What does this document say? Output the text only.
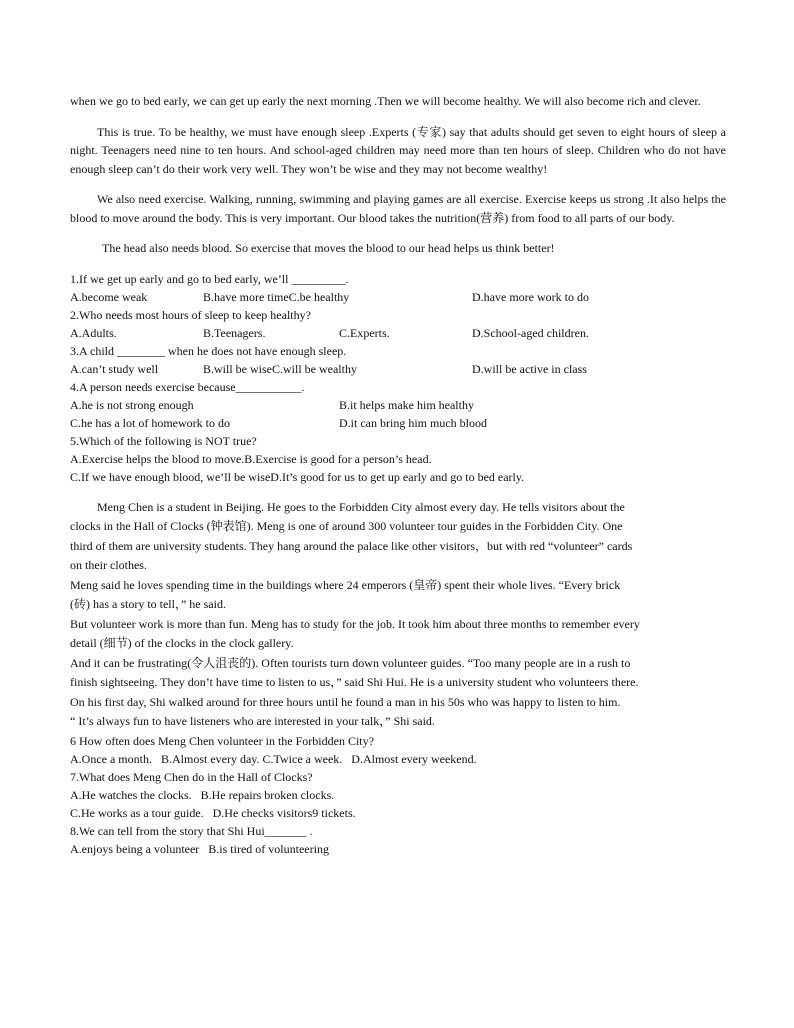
when we go to bed early, we can get up early the next morning .Then we will become healthy. We will also become rich and clever.

This is true. To be healthy, we must have enough sleep .Experts (专家) say that adults should get seven to eight hours of sleep a night. Teenagers need nine to ten hours. And school-aged children may need more than ten hours of sleep. Children who do not have enough sleep can’t do their work very well. They won’t be wise and they may not become wealthy!

We also need exercise. Walking, running, swimming and playing games are all exercise. Exercise keeps us strong .It also helps the blood to move around the body. This is very important. Our blood takes the nutrition(营养) from food to all parts of our body.

The head also needs blood. So exercise that moves the blood to our head helps us think better!

1.If we get up early and go to bed early, we’ll _________.

A.become weak	B.have more timeC.be healthy	D.have more work to do

2.Who needs most hours of sleep to keep healthy?

A.Adults.	B.Teenagers.	C.Experts.	D.School-aged children.

3.A child ________ when he does not have enough sleep.

A.can’t study well	B.will be wiseC.will be wealthy	D.will be active in class

4.A person needs exercise because___________.

A.he is not strong enough	B.it helps make him healthy
C.he has a lot of homework to do	D.it can bring him much blood

5.Which of the following is NOT true?

A.Exercise helps the blood to move.B.Exercise is good for a person’s head.

C.If we have enough blood, we’ll be wiseD.It’s good for us to get up early and go to bed early.

Meng Chen is a student in Beijing. He goes to the Forbidden City almost every day. He tells visitors about the

clocks in the Hall of Clocks (钟表馆). Meng is one of around 300 volunteer tour guides in the Forbidden City. One

third of them are university students. They hang around the palace like other visitors，but with red “volunteer” cards

on their clothes.

Meng said he loves spending time in the buildings where 24 emperors (皇帝) spent their whole lives. “Every brick

(砖) has a story to tell，” he said.

But volunteer work is more than fun. Meng has to study for the job. It took him about three months to remember every

detail (细节) of the clocks in the clock gallery.

And it can be frustrating(令人沮丧的). Often tourists turn down volunteer guides. “Too many people are in a rush to

finish sightseeing. They don’t have time to listen to us，” said Shi Hui. He is a university student who volunteers there.

On his first day, Shi walked around for three hours until he found a man in his 50s who was happy to listen to him.

“ It’s always fun to have listeners who are interested in your talk，” Shi said.

6 How often does Meng Chen volunteer in the Forbidden City?

A.Once a month.   B.Almost every day. C.Twice a week.   D.Almost every weekend.

7.What does Meng Chen do in the Hall of Clocks?

A.He watches the clocks.   B.He repairs broken clocks.

C.He works as a tour guide.   D.He checks visitors9 tickets.

8.We can tell from the story that Shi Hui_______ .

A.enjoys being a volunteer   B.is tired of volunteering
